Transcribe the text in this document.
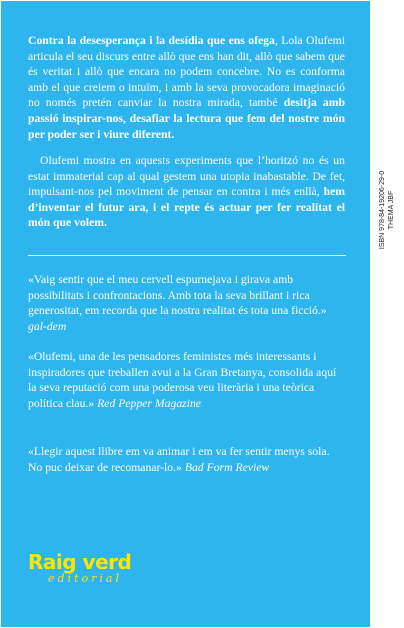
Contra la desesperança i la desídia que ens ofega, Lola Olufemi articula el seu discurs entre allò que ens han dit, allò que sabem que és veritat i allò que encara no podem concebre. No es conforma amb el que creiem o intuïm, i amb la seva provocadora imaginació no només pretén canviar la nostra mirada, també desitja amb passió inspirar-nos, desafiar la lectura que fem del nostre món per poder ser i viure diferent.

Olufemi mostra en aquests experiments que l’horitzó no és un estat immaterial cap al qual gestem una utopia inabastable. De fet, impulsant-nos pel moviment de pensar en contra i més enllà, hem d’inventar el futur ara, i el repte és actuar per fer realitat el món que volem.

«Vaig sentir que el meu cervell espurnejava i girava amb possibilitats i confrontacions. Amb tota la seva brillant i rica generositat, em recorda que la nostra realitat és tota una ficció.» gal-dem

«Olufemi, una de les pensadores feministes més interessants i inspiradores que treballen avui a la Gran Bretanya, consolida aquí la seva reputació com una poderosa veu literària i una teòrica política clau.» Red Pepper Magazine

«Llegir aquest llibre em va animar i em va fer sentir menys sola. No puc deixar de recomanar-lo.» Bad Form Review

Raig verd
editorial
ISBN 978-84-19206-29-0 THEMA JBF
